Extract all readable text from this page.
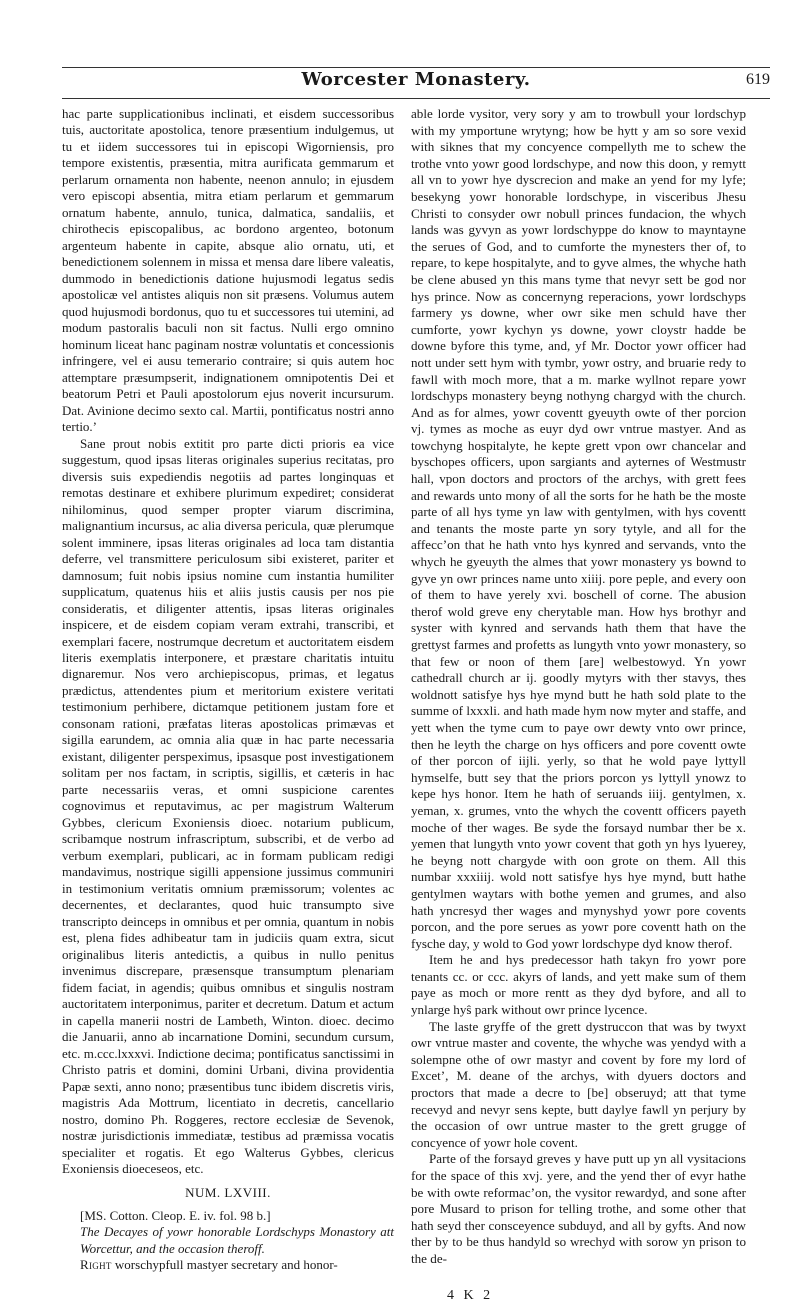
Worcester Monastery.	619

hac parte supplicationibus inclinati, et eisdem successoribus tuis, auctoritate apostolica, tenore præsentium indulgemus, ut tu et iidem successores tui in episcopi Wigorniensis, pro tempore existentis, præsentia, mitra aurificata gemmarum et perlarum ornamenta non habente, neenon annulo; in ejusdem vero episcopi absentia, mitra etiam perlarum et gemmarum ornatum habente, annulo, tunica, dalmatica, sandaliis, et chirothecis episcopalibus, ac bordono argenteo, botonum argenteum habente in capite, absque alio ornatu, uti, et benedictionem solennem in missa et mensa dare libere valeatis, dummodo in benedictionis datione hujusmodi legatus sedis apostolicæ vel antistes aliquis non sit præsens. Volumus autem quod hujusmodi bordonus, quo tu et successores tui utemini, ad modum pastoralis baculi non sit factus. Nulli ergo omnino hominum liceat hanc paginam nostræ voluntatis et concessionis infringere, vel ei ausu temerario contraire; si quis autem hoc attemptare præsumpserit, indignationem omnipotentis Dei et beatorum Petri et Pauli apostolorum ejus noverit incursurum. Dat. Avinione decimo sexto cal. Martii, pontificatus nostri anno tertio.’

Sane prout nobis extitit pro parte dicti prioris ea vice suggestum, quod ipsas literas originales superius recitatas, pro diversis suis expediendis negotiis ad partes longinquas et remotas destinare et exhibere plurimum expediret; considerat nihilominus, quod semper propter viarum discrimina, malignantium incursus, ac alia diversa pericula, quæ plerumque solent imminere, ipsas literas originales ad loca tam distantia deferre, vel transmittere periculosum sibi existeret, pariter et damnosum; fuit nobis ipsius nomine cum instantia humiliter supplicatum, quatenus hiis et aliis justis causis per nos pie consideratis, et diligenter attentis, ipsas literas originales inspicere, et de eisdem copiam veram extrahi, transcribi, et exemplari facere, nostrumque decretum et auctoritatem eisdem literis exemplatis interponere, et præstare charitatis intuitu dignaremur. Nos vero archiepiscopus, primas, et legatus prædictus, attendentes pium et meritorium existere veritati testimonium perhibere, dictamque petitionem justam fore et consonam rationi, præfatas literas apostolicas primævas et sigilla earundem, ac omnia alia quæ in hac parte necessaria existant, diligenter perspeximus, ipsasque post investigationem solitam per nos factam, in scriptis, sigillis, et cæteris in hac parte necessariis veras, et omni suspicione carentes cognovimus et reputavimus, ac per magistrum Walterum Gybbes, clericum Exoniensis dioec. notarium publicum, scribamque nostrum infrascriptum, subscribi, et de verbo ad verbum exemplari, publicari, ac in formam publicam redigi mandavimus, nostrique sigilli appensione jussimus communiri in testimonium veritatis omnium præmissorum; volentes ac decernentes, et declarantes, quod huic transumpto sive transcripto deinceps in omnibus et per omnia, quantum in nobis est, plena fides adhibeatur tam in judiciis quam extra, sicut originalibus literis antedictis, a quibus in nullo penitus invenimus discrepare, præsensque transumptum plenariam fidem faciat, in agendis; quibus omnibus et singulis nostram auctoritatem interponimus, pariter et decretum. Datum et actum in capella manerii nostri de Lambeth, Winton. dioec. decimo die Januarii, anno ab incarnatione Domini, secundum cursum, etc. m.ccc.lxxxvi. Indictione decima; pontificatus sanctissimi in Christo patris et domini, domini Urbani, divina providentia Papæ sexti, anno nono; præsentibus tunc ibidem discretis viris, magistris Ada Mottrum, licentiato in decretis, cancellario nostro, domino Ph. Roggeres, rectore ecclesiæ de Sevenok, nostræ jurisdictionis immediatæ, testibus ad præmissa vocatis specialiter et rogatis. Et ego Walterus Gybbes, clericus Exoniensis dioeceseos, etc.

NUM. LXVIII.

[MS. Cotton. Cleop. E. iv. fol. 98 b.]

The Decayes of yowr honorable Lordschyps Monastory att Worcettur, and the occasion theroff.

Right worschypfull mastyer secretary and honor-

able lorde vysitor, very sory y am to trowbull your lordschyp with my ymportune wrytyng; how be hytt y am so sore vexid with siknes that my concyence compellyth me to schew the trothe vnto yowr good lordschype, and now this doon, y remytt all vn to yowr hye dyscrecion and make an yend for my lyfe; besekyng yowr honorable lordschype, in visceribus Jhesu Christi to consyder owr nobull princes fundacion, the whych lands was gyvyn as yowr lordschyppe do know to mayntayne the serues of God, and to cumforte the mynesters ther of, to repare, to kepe hospitalyte, and to gyve almes, the whyche hath be clene abused yn this mans tyme that nevyr sett be god nor hys prince. Now as concernyng reperacions, yowr lordschyps farmery ys downe, wher owr sike men schuld have ther cumforte, yowr kychyn ys downe, yowr cloystr hadde be downe byfore this tyme, and, yf Mr. Doctor yowr officer had nott under sett hym with tymbr, yowr ostry, and bruarie redy to fawll with moch more, that a m. marke wyllnot repare yowr lordschyps monastery beyng nothyng chargyd with the church. And as for almes, yowr coventt gyeuyth owte of ther porcion vj. tymes as moche as euyr dyd owr vntrue mastyer. And as towchyng hospitalyte, he kepte grett vpon owr chancelar and byschopes officers, upon sargiants and ayternes of Westmustr hall, vpon doctors and proctors of the archys, with grett fees and rewards unto mony of all the sorts for he hath be the moste parte of all hys tyme yn law with gentylmen, with hys coventt and tenants the moste parte yn sory tytyle, and all for the affecc’on that he hath vnto hys kynred and servands, vnto the whych he gyeuyth the almes that yowr monastery ys bownd to gyve yn owr princes name unto xiiij. pore peple, and every oon of them to have yerely xvi. boschell of corne. The abusion therof wold greve eny cherytable man. How hys brothyr and syster with kynred and servands hath them that have the grettyst farmes and profetts as lungyth vnto yowr monastery, so that few or noon of them [are] welbestowyd. Yn yowr cathedrall church ar ij. goodly mytyrs with ther stavys, thes woldnott satisfye hys hye mynd butt he hath sold plate to the summe of lxxxli. and hath made hym now myter and staffe, and yett when the tyme cum to paye owr dewty vnto owr prince, then he leyth the charge on hys officers and pore coventt owte of ther porcon of iijli. yerly, so that he wold paye lyttyll hymselfe, butt sey that the priors porcon ys lyttyll ynowz to kepe hys honor. Item he hath of seruands iiij. gentylmen, x. yeman, x. grumes, vnto the whych the coventt officers payeth moche of ther wages. Be syde the forsayd numbar ther be x. yemen that lungyth vnto yowr covent that goth yn hys lyuerey, he beyng nott chargyde with oon grote on them. All this numbar xxxiiij. wold nott satisfye hys hye mynd, butt hathe gentylmen waytars with bothe yemen and grumes, and also hath yncresyd ther wages and mynyshyd yowr pore covents porcon, and the pore serues as yowr pore coventt hath on the fysche day, y wold to God yowr lordschype dyd know therof.

Item he and hys predecessor hath takyn fro yowr pore tenants cc. or ccc. akyrs of lands, and yett make sum of them paye as moch or more rentt as they dyd byfore, and all to ynlarge hyŝ park without owr prince lycence.

The laste gryffe of the grett dystruccon that was by twyxt owr vntrue master and covente, the whyche was yendyd with a solempne othe of owr mastyr and covent by fore my lord of Excet’, M. deane of the archys, with dyuers doctors and proctors that made a decre to [be] obseruyd; att that tyme recevyd and nevyr sens kepte, butt daylye fawll yn perjury by the occasion of owr untrue master to the grett grugge of concyence of yowr hole covent.

Parte of the forsayd greves y have putt up yn all vysitacions for the space of this xvj. yere, and the yend ther of evyr hathe be with owte reformac’on, the vysitor rewardyd, and sone after pore Musard to prison for telling trothe, and some other that hath seyd ther consceyence subduyd, and all by gyfts. And now ther by to be thus handyld so wrechyd with sorow yn prison to the de-

4 K 2
